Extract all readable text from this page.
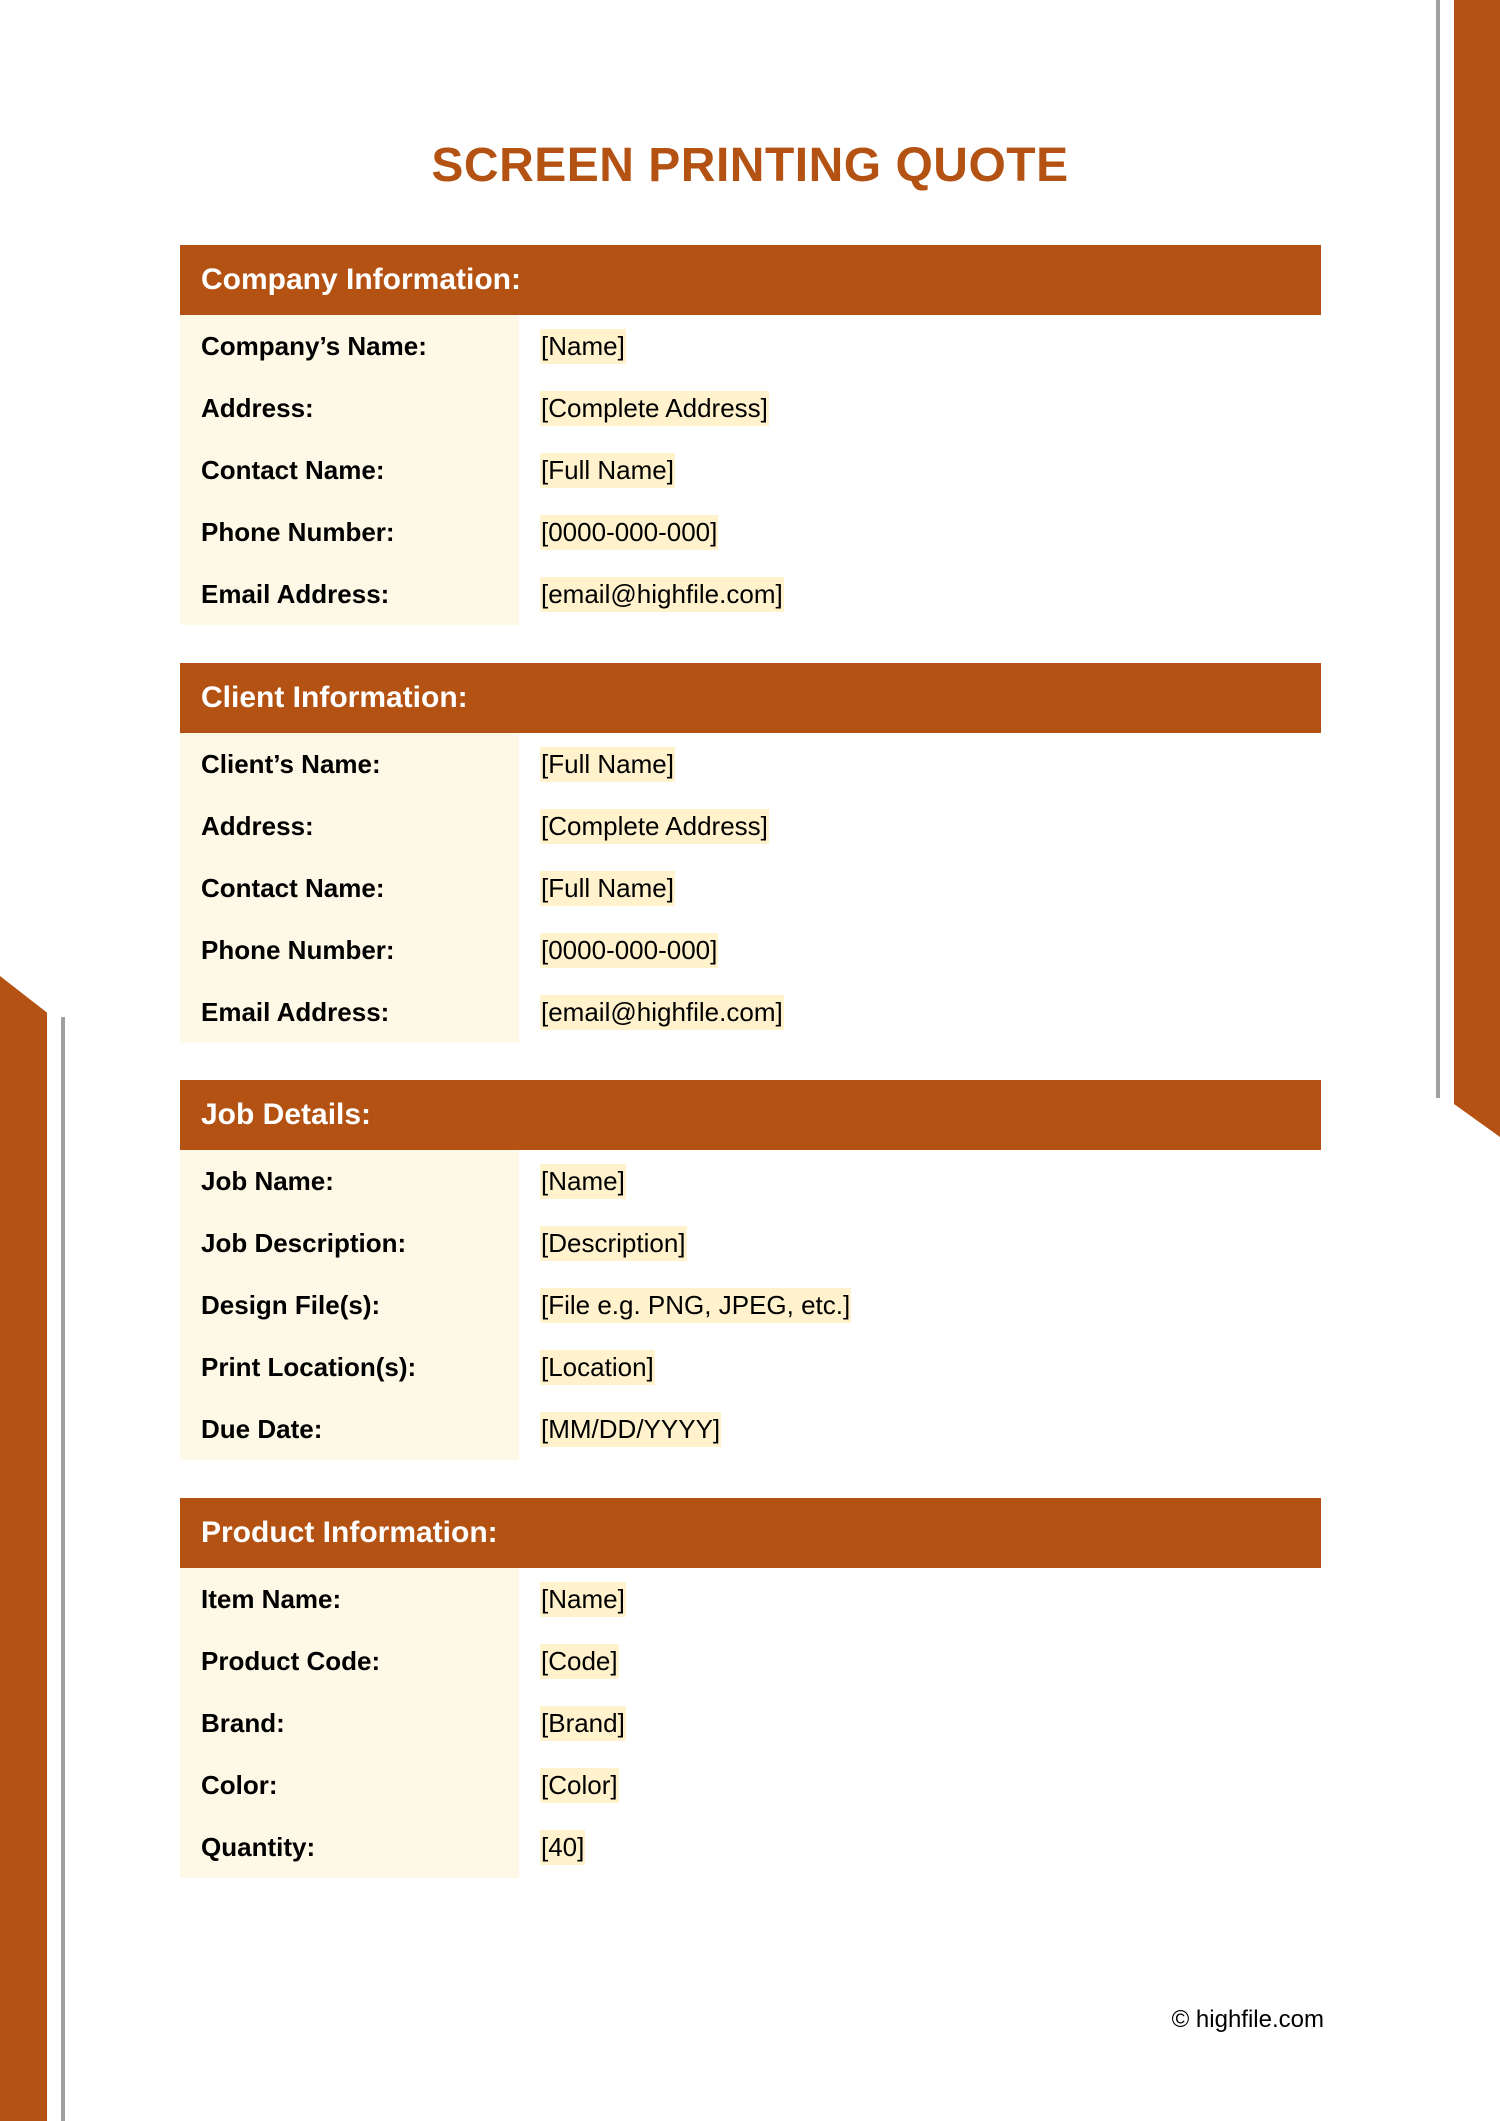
SCREEN PRINTING QUOTE
Company Information:
Company’s Name:	[Name]
Address:	[Complete Address]
Contact Name:	[Full Name]
Phone Number:	[0000-000-000]
Email Address:	[email@highfile.com]
Client Information:
Client’s Name:	[Full Name]
Address:	[Complete Address]
Contact Name:	[Full Name]
Phone Number:	[0000-000-000]
Email Address:	[email@highfile.com]
Job Details:
Job Name:	[Name]
Job Description:	[Description]
Design File(s):	[File e.g. PNG, JPEG, etc.]
Print Location(s):	[Location]
Due Date:	[MM/DD/YYYY]
Product Information:
Item Name:	[Name]
Product Code:	[Code]
Brand:	[Brand]
Color:	[Color]
Quantity:	[40]
© highfile.com
